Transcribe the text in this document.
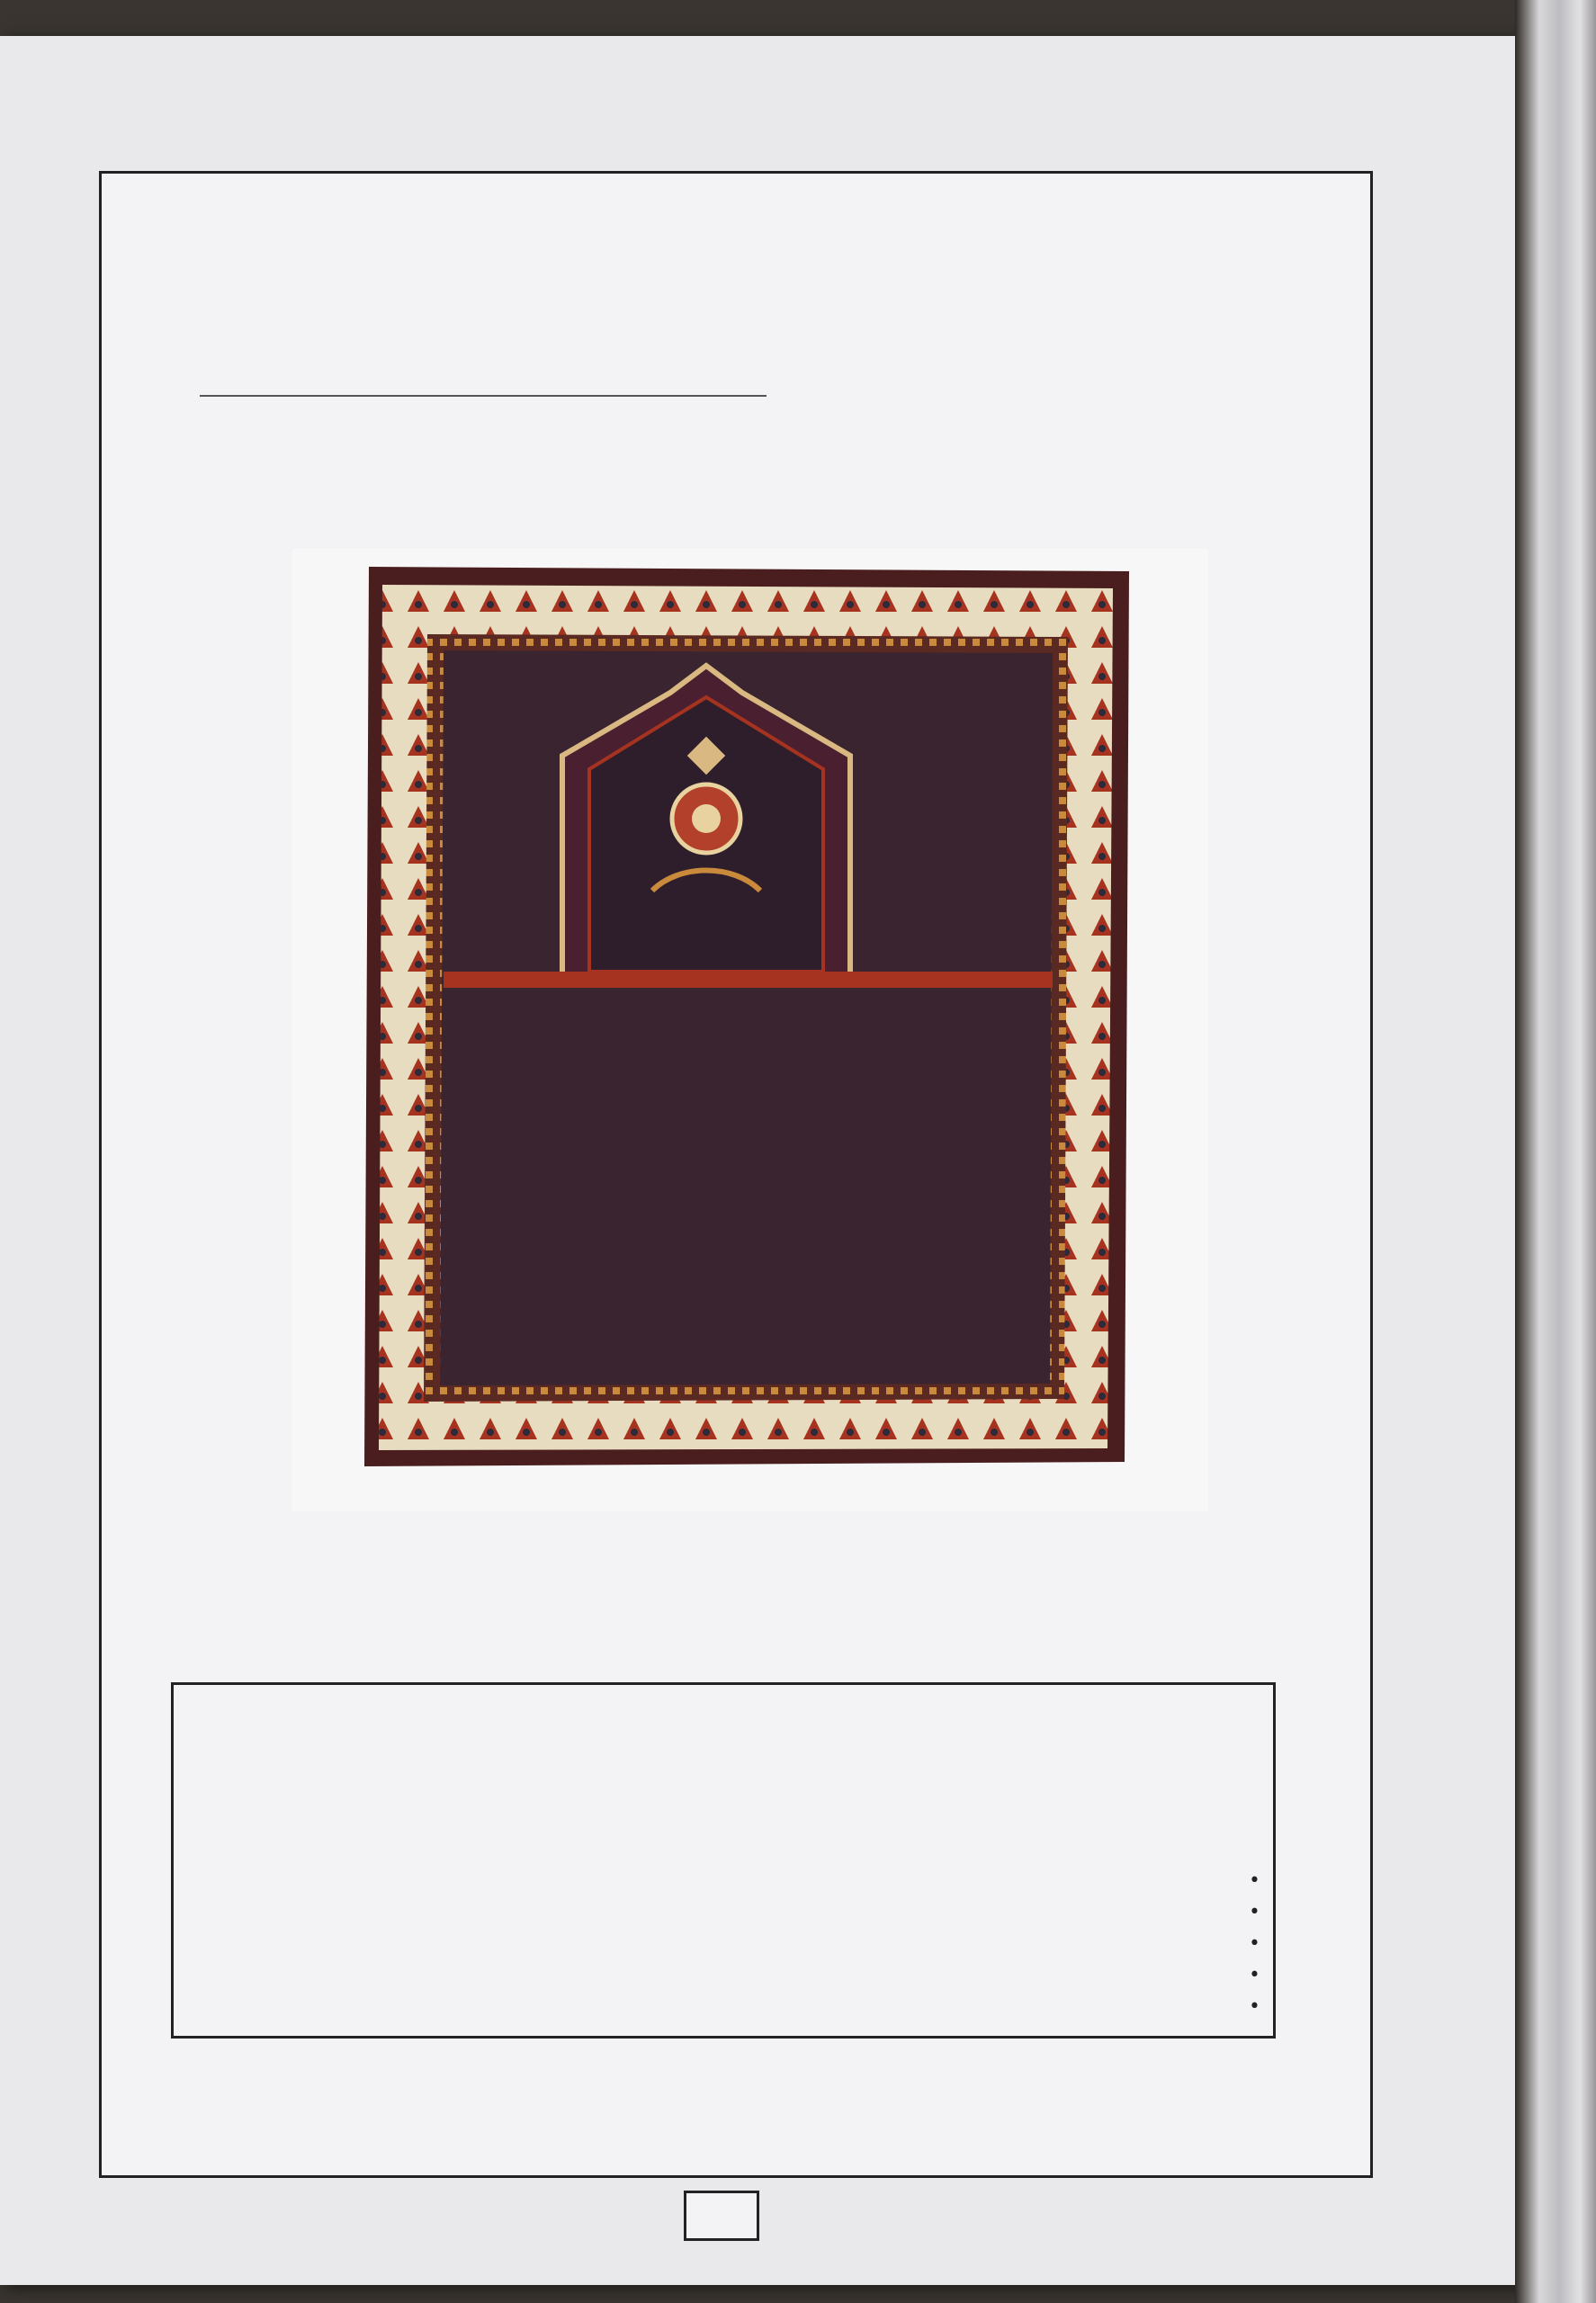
•

•

•

•

•
